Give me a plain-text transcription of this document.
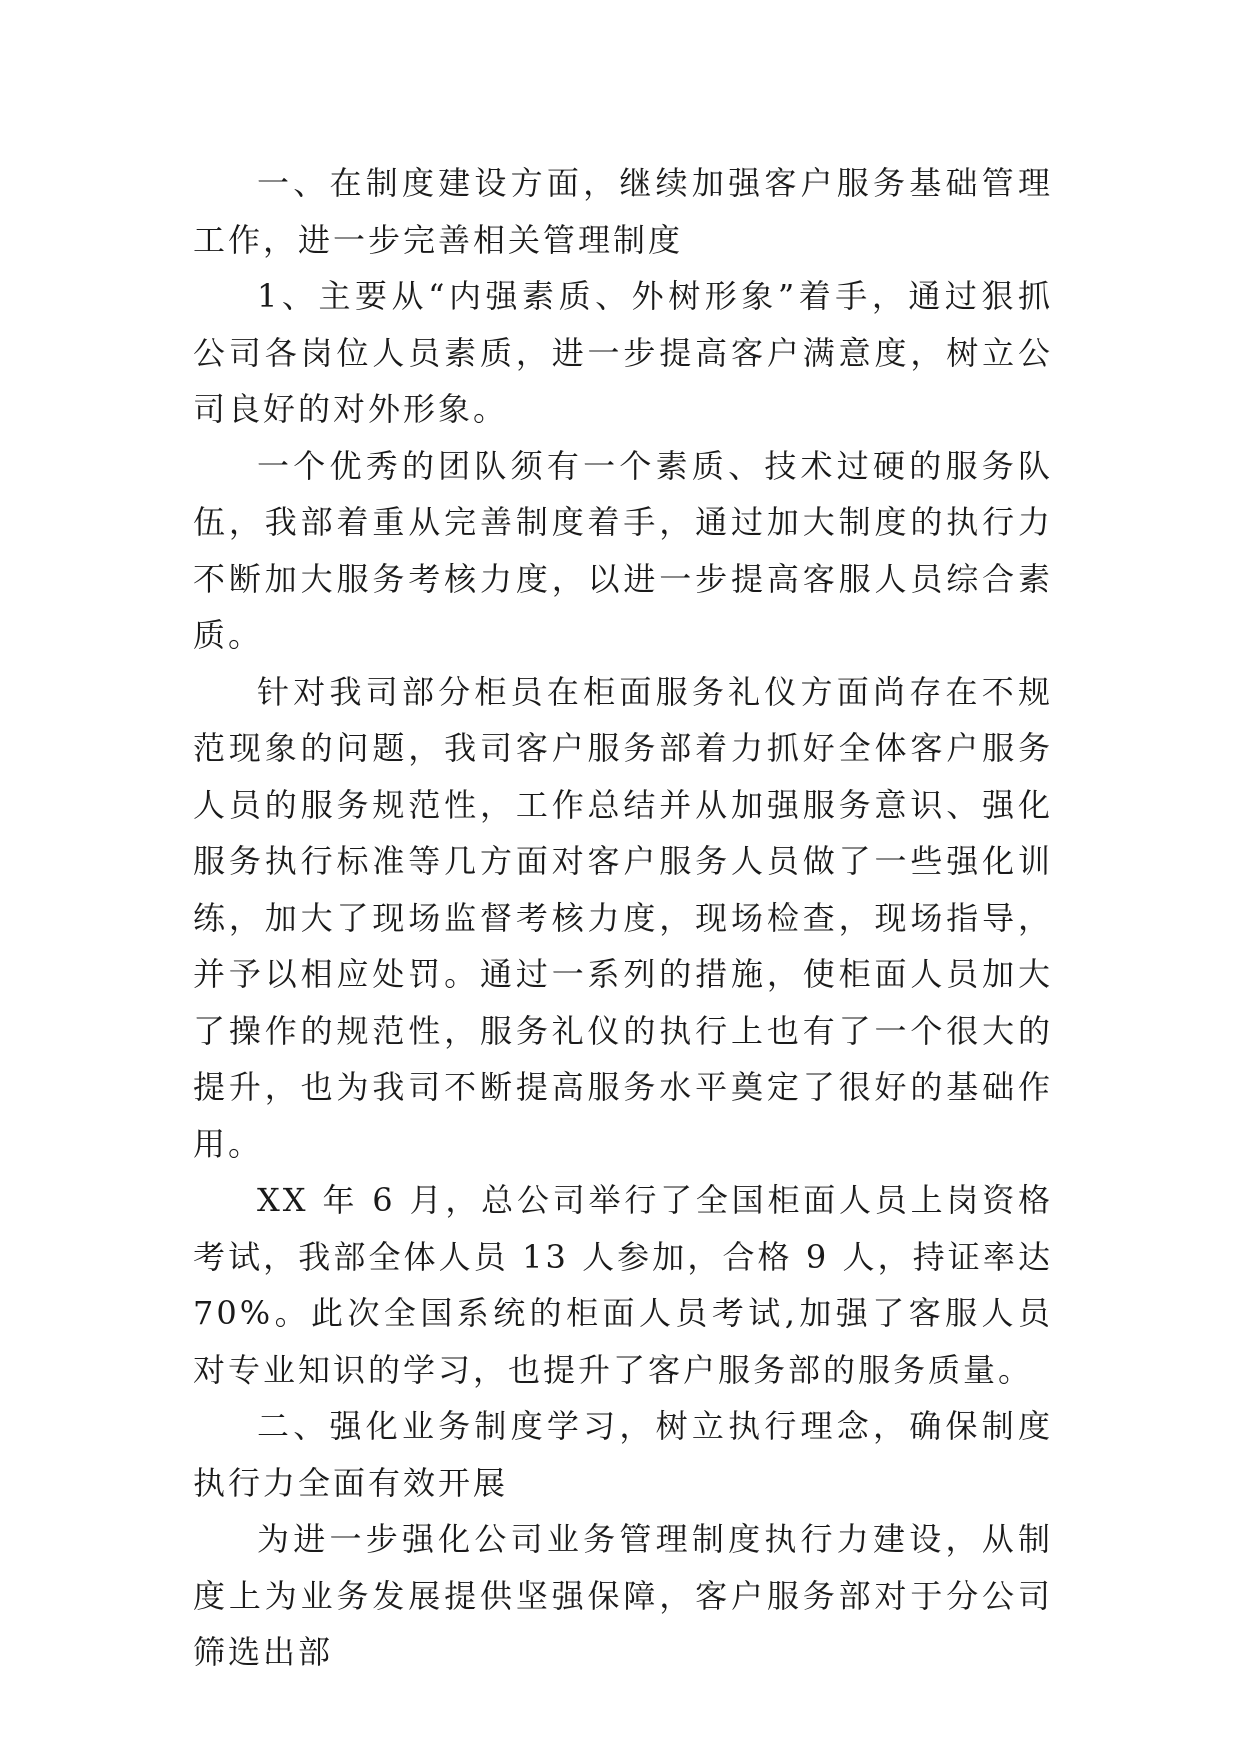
一、在制度建设方面，继续加强客户服务基础管理工作，进一步完善相关管理制度

1、主要从“内强素质、外树形象”着手，通过狠抓公司各岗位人员素质，进一步提高客户满意度，树立公司良好的对外形象。

一个优秀的团队须有一个素质、技术过硬的服务队伍，我部着重从完善制度着手，通过加大制度的执行力不断加大服务考核力度，以进一步提高客服人员综合素质。

针对我司部分柜员在柜面服务礼仪方面尚存在不规范现象的问题，我司客户服务部着力抓好全体客户服务人员的服务规范性，工作总结并从加强服务意识、强化服务执行标准等几方面对客户服务人员做了一些强化训练，加大了现场监督考核力度，现场检查，现场指导，并予以相应处罚。通过一系列的措施，使柜面人员加大了操作的规范性，服务礼仪的执行上也有了一个很大的提升，也为我司不断提高服务水平奠定了很好的基础作用。

XX 年 6 月，总公司举行了全国柜面人员上岗资格考试，我部全体人员 13 人参加，合格 9 人，持证率达 70%。此次全国系统的柜面人员考试,加强了客服人员对专业知识的学习，也提升了客户服务部的服务质量。

二、强化业务制度学习，树立执行理念，确保制度执行力全面有效开展

为进一步强化公司业务管理制度执行力建设，从制度上为业务发展提供坚强保障，客户服务部对于分公司筛选出部
